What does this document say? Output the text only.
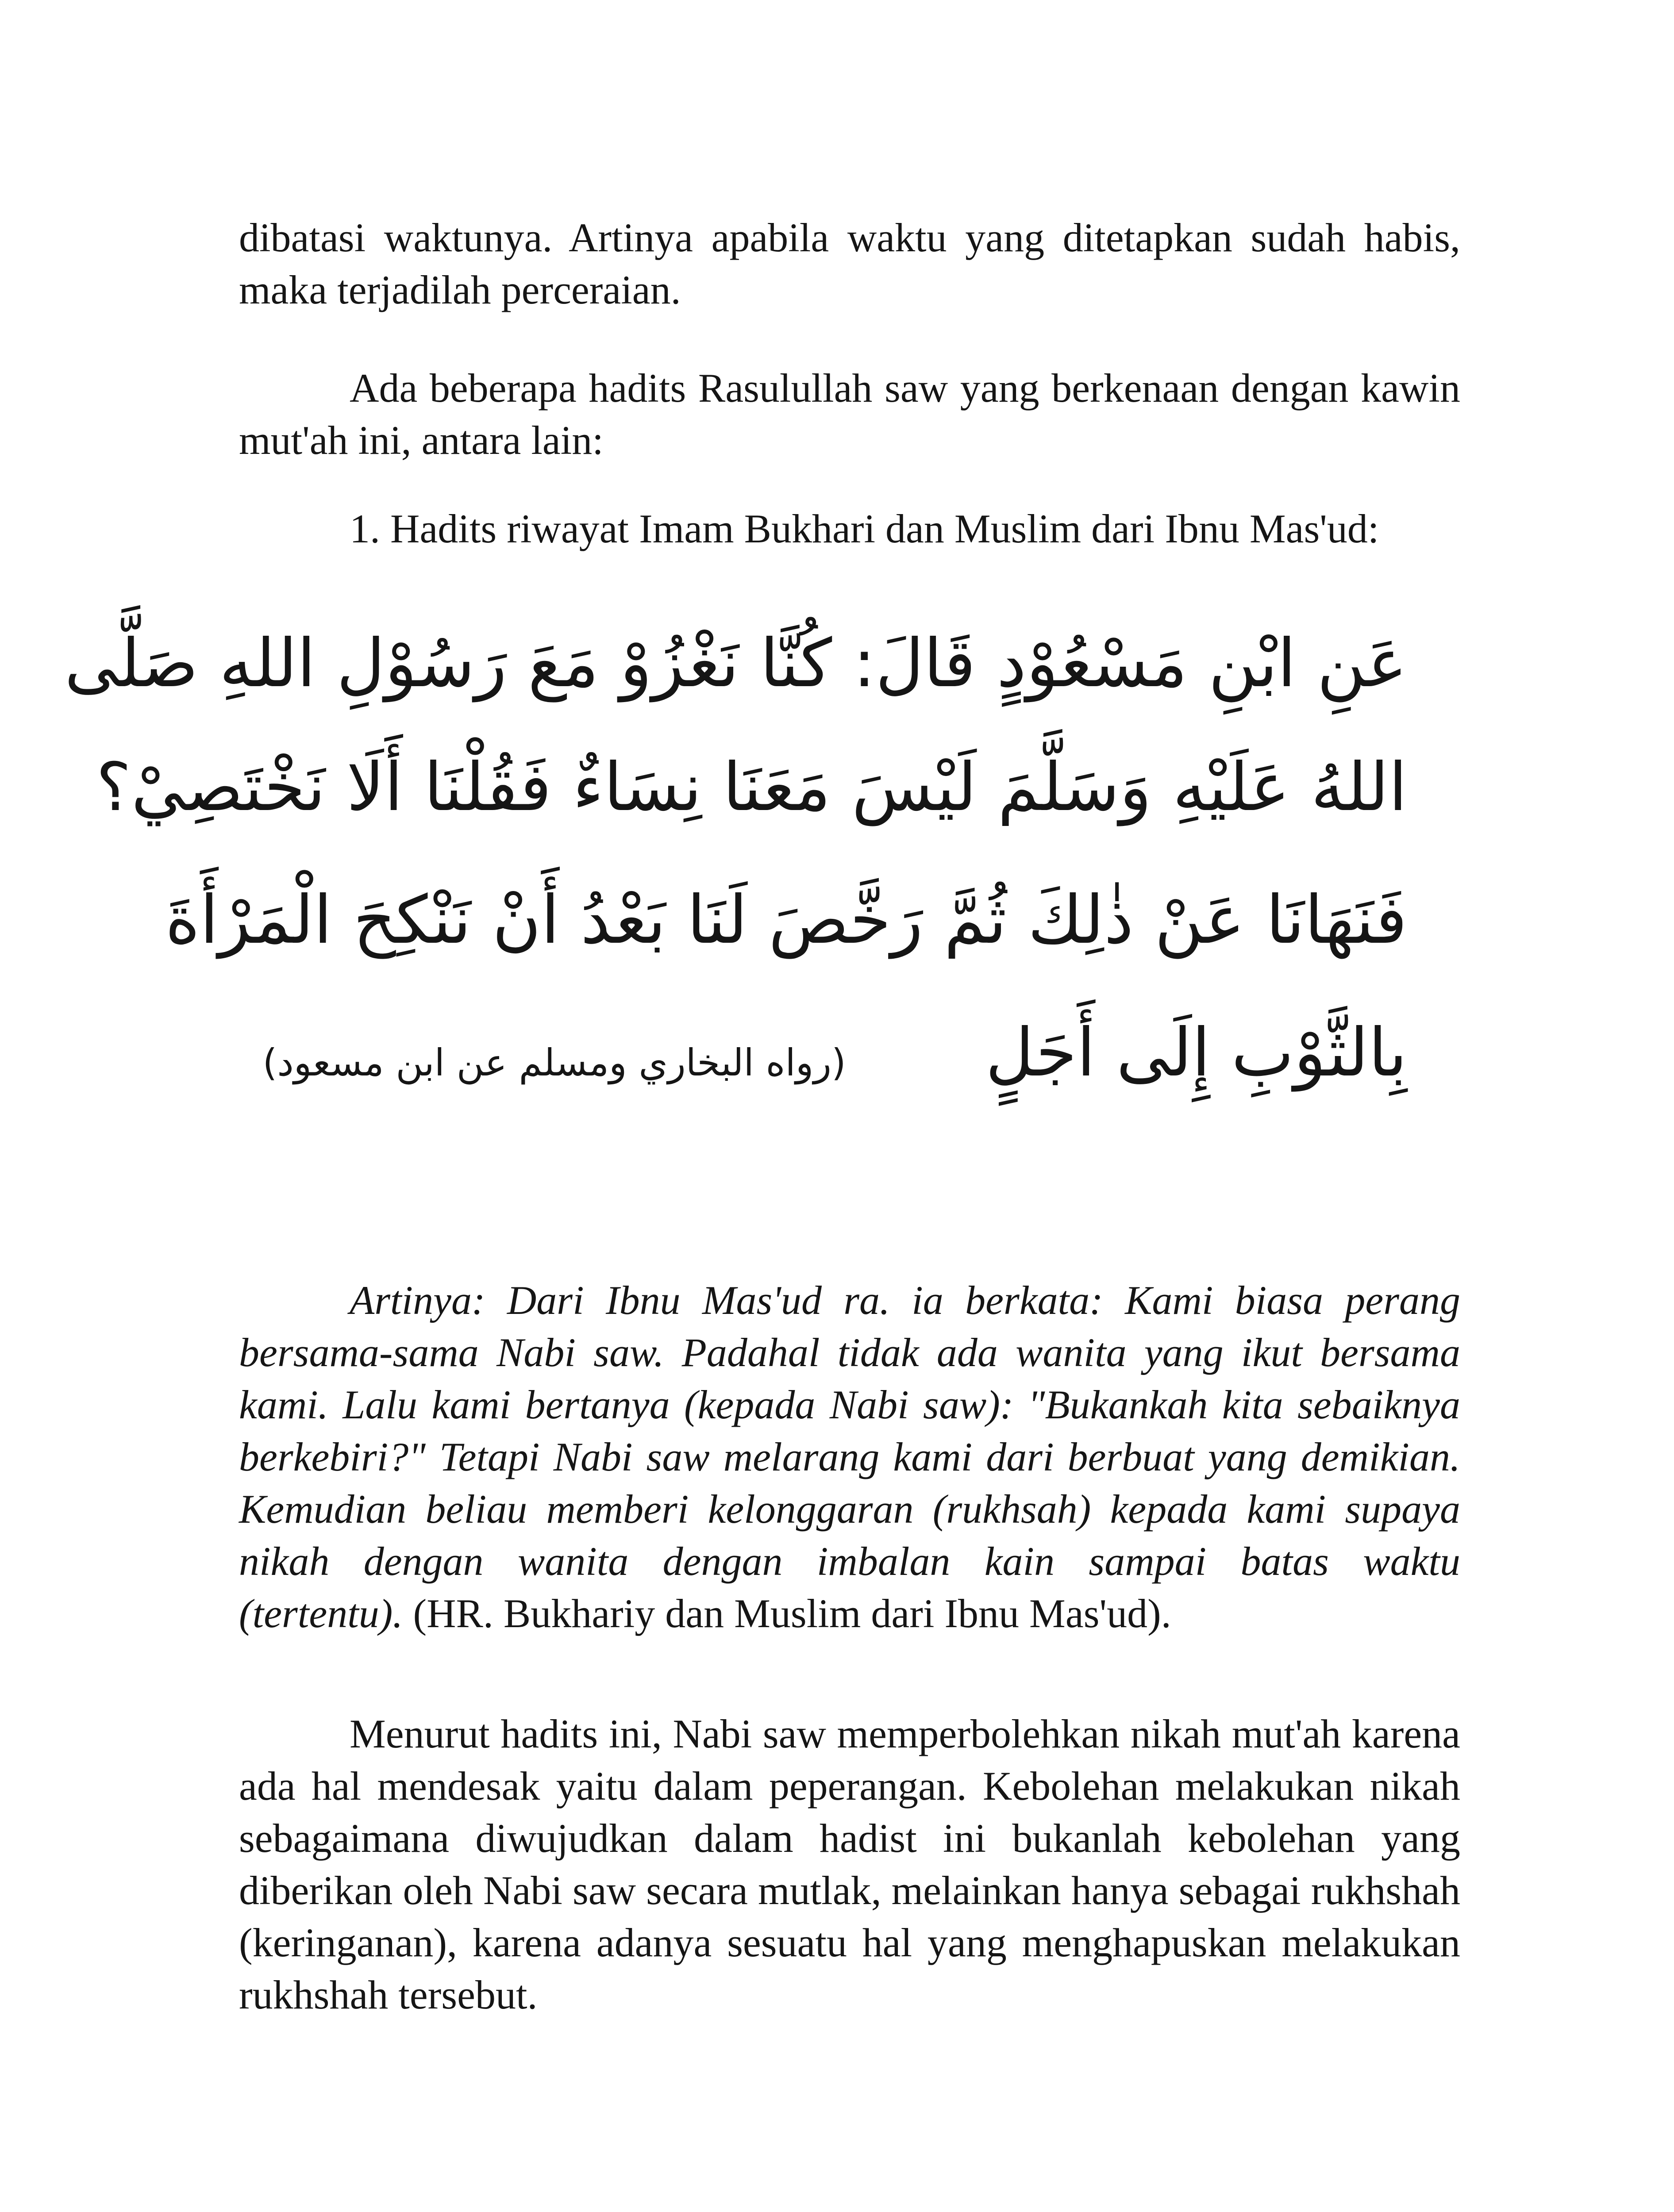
dibatasi waktunya. Artinya apabila waktu yang ditetapkan sudah habis,
maka terjadilah perceraian.
Ada beberapa hadits Rasulullah saw yang berkenaan dengan kawin
mut'ah ini, antara lain:
1. Hadits riwayat Imam Bukhari dan Muslim dari Ibnu Mas'ud:
عَنِ ابْنِ مَسْعُوْدٍ قَالَ: كُنَّا نَغْزُوْ مَعَ رَسُوْلِ اللهِ صَلَّى
اللهُ عَلَيْهِ وَسَلَّمَ لَيْسَ مَعَنَا نِسَاءٌ فَقُلْنَا أَلَا نَخْتَصِيْ؟
فَنَهَانَا عَنْ ذٰلِكَ ثُمَّ رَخَّصَ لَنَا بَعْدُ أَنْ نَنْكِحَ الْمَرْأَةَ
بِالثَّوْبِ إِلَى أَجَلٍ  (رواه البخاري ومسلم عن ابن مسعود)
Artinya: Dari Ibnu Mas'ud ra. ia berkata: Kami biasa perang
bersama-sama Nabi saw. Padahal tidak ada wanita yang ikut bersama
kami. Lalu kami bertanya (kepada Nabi saw): "Bukankah kita sebaiknya
berkebiri?" Tetapi Nabi saw melarang kami dari berbuat yang demikian.
Kemudian beliau memberi kelonggaran (rukhsah) kepada kami supaya
nikah dengan wanita dengan imbalan kain sampai batas waktu
(tertentu). (HR. Bukhariy dan Muslim dari Ibnu Mas'ud).
Menurut hadits ini, Nabi saw memperbolehkan nikah mut'ah karena
ada hal mendesak yaitu dalam peperangan. Kebolehan melakukan nikah
sebagaimana diwujudkan dalam hadist ini bukanlah kebolehan yang
diberikan oleh Nabi saw secara mutlak, melainkan hanya sebagai rukhshah
(keringanan), karena adanya sesuatu hal yang menghapuskan melakukan
rukhshah tersebut.
